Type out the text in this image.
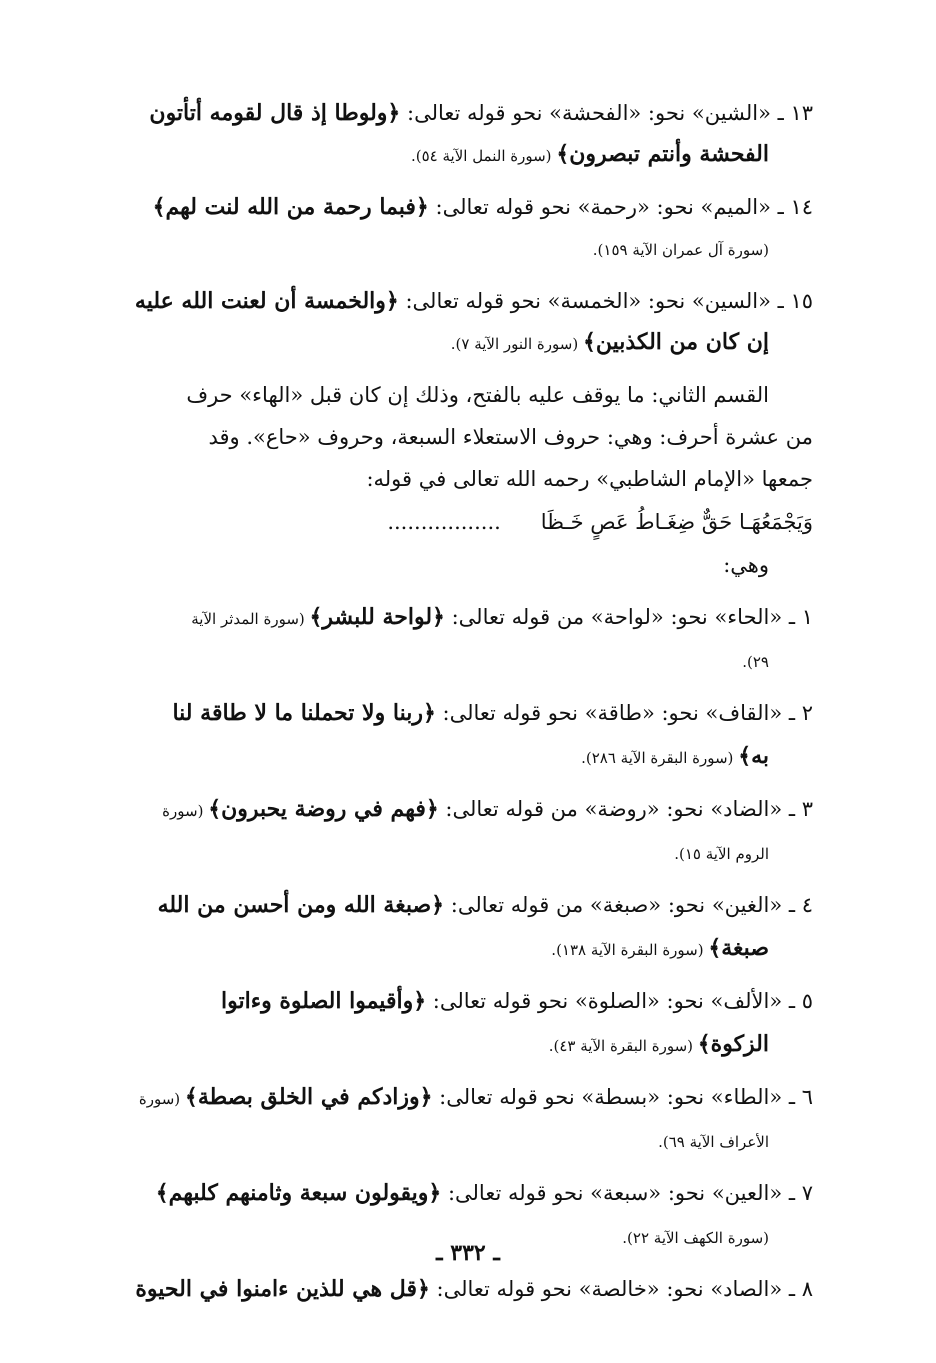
١٣ ـ «الشين» نحو: «الفحشة» نحو قوله تعالى: ﴿ولوطا إذ قال لقومه أتأتون
الفحشة وأنتم تبصرون﴾ (سورة النمل الآية ٥٤).
١٤ ـ «الميم» نحو: «رحمة» نحو قوله تعالى: ﴿فبما رحمة من الله لنت لهم﴾
(سورة آل عمران الآية ١٥٩).
١٥ ـ «السين» نحو: «الخمسة» نحو قوله تعالى: ﴿والخمسة أن لعنت الله عليه
إن كان من الكذبين﴾ (سورة النور الآية ٧).
القسم الثاني: ما يوقف عليه بالفتح، وذلك إن كان قبل «الهاء» حرف
من عشرة أحرف: وهي: حروف الاستعلاء السبعة، وحروف «حاع». وقد
جمعها «الإمام الشاطبي» رحمه الله تعالى في قوله:
وَيَجْمَعُهَـا حَقٌّ ضِغَـاطُ عَصٍ خَـظَا.................
وهي:
١ ـ «الحاء» نحو: «لواحة» من قوله تعالى: ﴿لواحة للبشر﴾ (سورة المدثر الآية
٢٩).
٢ ـ «القاف» نحو: «طاقة» نحو قوله تعالى: ﴿ربنا ولا تحملنا ما لا طاقة لنا
به﴾ (سورة البقرة الآية ٢٨٦).
٣ ـ «الضاد» نحو: «روضة» من قوله تعالى: ﴿فهم في روضة يحبرون﴾ (سورة
الروم الآية ١٥).
٤ ـ «الغين» نحو: «صبغة» من قوله تعالى: ﴿صبغة الله ومن أحسن من الله
صبغة﴾ (سورة البقرة الآية ١٣٨).
٥ ـ «الألف» نحو: «الصلوة» نحو قوله تعالى: ﴿وأقيموا الصلوة وءاتوا
الزكوة﴾ (سورة البقرة الآية ٤٣).
٦ ـ «الطاء» نحو: «بسطة» نحو قوله تعالى: ﴿وزادكم في الخلق بصطة﴾ (سورة
الأعراف الآية ٦٩).
٧ ـ «العين» نحو: «سبعة» نحو قوله تعالى: ﴿ويقولون سبعة وثامنهم كلبهم﴾
(سورة الكهف الآية ٢٢).
٨ ـ «الصاد» نحو: «خالصة» نحو قوله تعالى: ﴿قل هي للذين ءامنوا في الحيوة
ـ ٣٣٢ ـ
